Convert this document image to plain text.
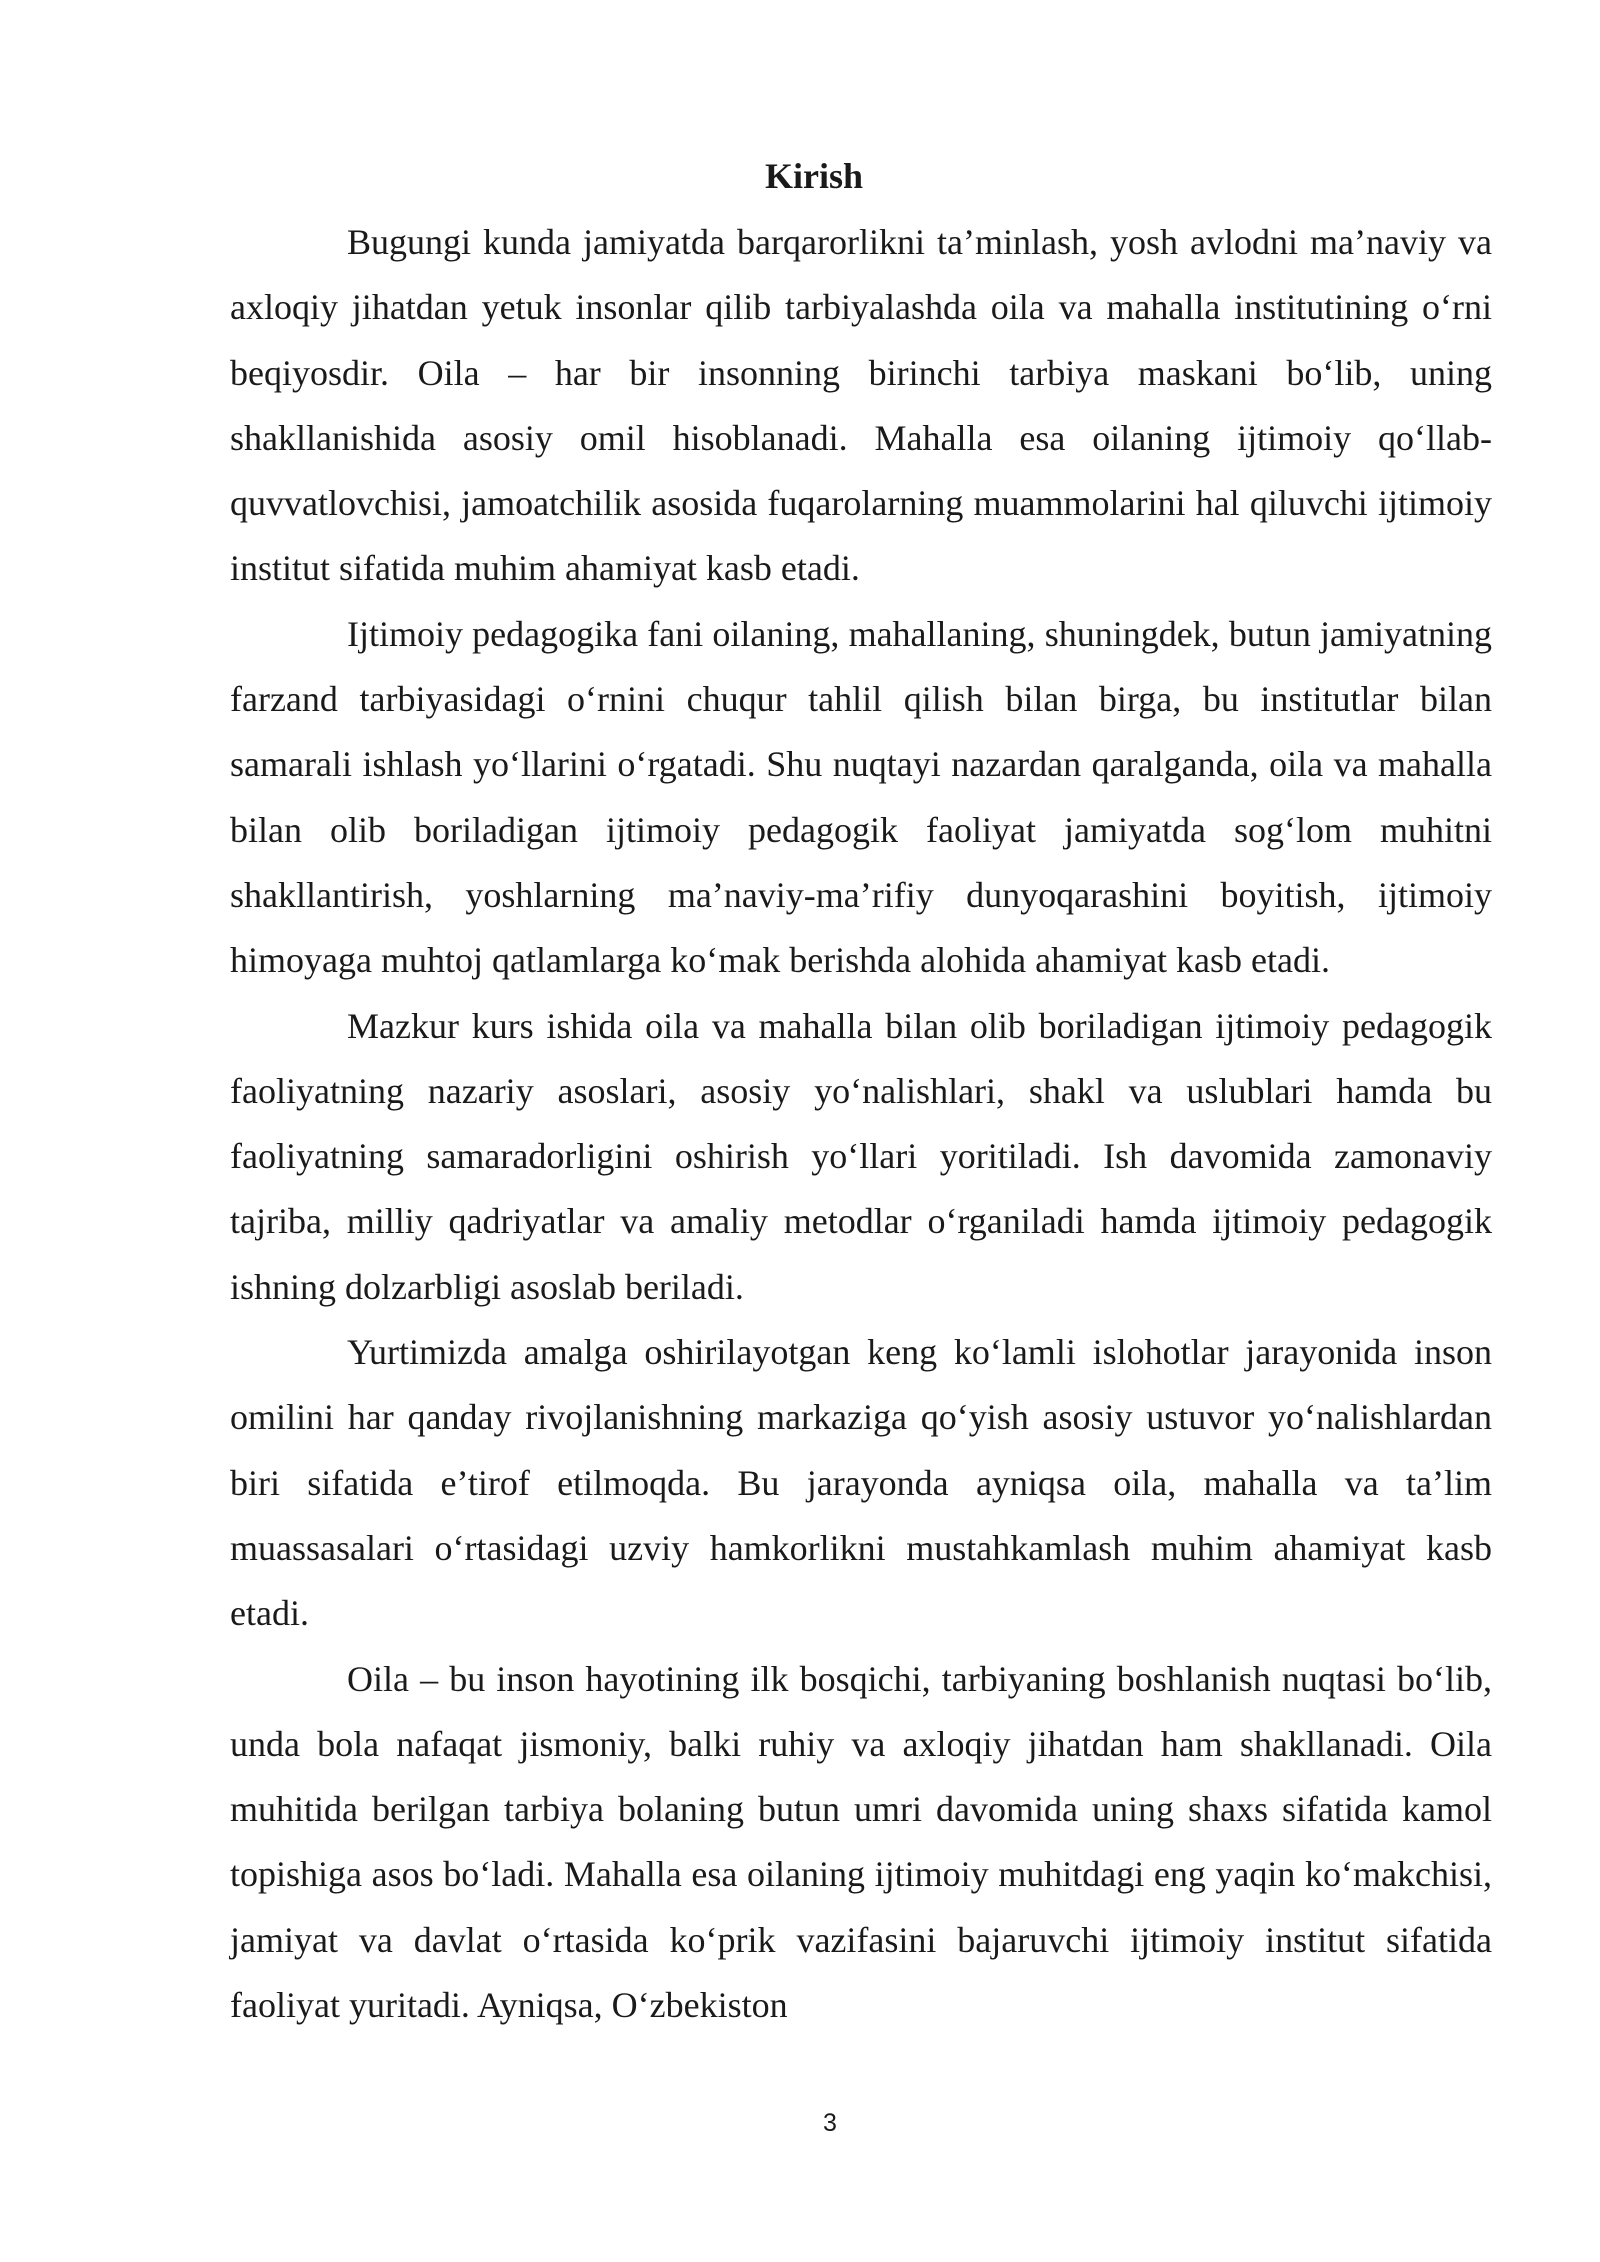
Kirish

Bugungi kunda jamiyatda barqarorlikni ta’minlash, yosh avlodni ma’naviy va axloqiy jihatdan yetuk insonlar qilib tarbiyalashda oila va mahalla institutining o‘rni beqiyosdir. Oila – har bir insonning birinchi tarbiya maskani bo‘lib, uning shakllanishida asosiy omil hisoblanadi. Mahalla esa oilaning ijtimoiy qo‘llab-quvvatlovchisi, jamoatchilik asosida fuqarolarning muammolarini hal qiluvchi ijtimoiy institut sifatida muhim ahamiyat kasb etadi.

Ijtimoiy pedagogika fani oilaning, mahallaning, shuningdek, butun jamiyatning farzand tarbiyasidagi o‘rnini chuqur tahlil qilish bilan birga, bu institutlar bilan samarali ishlash yo‘llarini o‘rgatadi. Shu nuqtayi nazardan qaralganda, oila va mahalla bilan olib boriladigan ijtimoiy pedagogik faoliyat jamiyatda sog‘lom muhitni shakllantirish, yoshlarning ma’naviy-ma’rifiy dunyoqarashini boyitish, ijtimoiy himoyaga muhtoj qatlamlarga ko‘mak berishda alohida ahamiyat kasb etadi.

Mazkur kurs ishida oila va mahalla bilan olib boriladigan ijtimoiy pedagogik faoliyatning nazariy asoslari, asosiy yo‘nalishlari, shakl va uslublari hamda bu faoliyatning samaradorligini oshirish yo‘llari yoritiladi. Ish davomida zamonaviy tajriba, milliy qadriyatlar va amaliy metodlar o‘rganiladi hamda ijtimoiy pedagogik ishning dolzarbligi asoslab beriladi.

Yurtimizda amalga oshirilayotgan keng ko‘lamli islohotlar jarayonida inson omilini har qanday rivojlanishning markaziga qo‘yish asosiy ustuvor yo‘nalishlardan biri sifatida e’tirof etilmoqda. Bu jarayonda ayniqsa oila, mahalla va ta’lim muassasalari o‘rtasidagi uzviy hamkorlikni mustahkamlash muhim ahamiyat kasb etadi.

Oila – bu inson hayotining ilk bosqichi, tarbiyaning boshlanish nuqtasi bo‘lib, unda bola nafaqat jismoniy, balki ruhiy va axloqiy jihatdan ham shakllanadi. Oila muhitida berilgan tarbiya bolaning butun umri davomida uning shaxs sifatida kamol topishiga asos bo‘ladi. Mahalla esa oilaning ijtimoiy muhitdagi eng yaqin ko‘makchisi, jamiyat va davlat o‘rtasida ko‘prik vazifasini bajaruvchi ijtimoiy institut sifatida faoliyat yuritadi. Ayniqsa, O‘zbekiston

3
